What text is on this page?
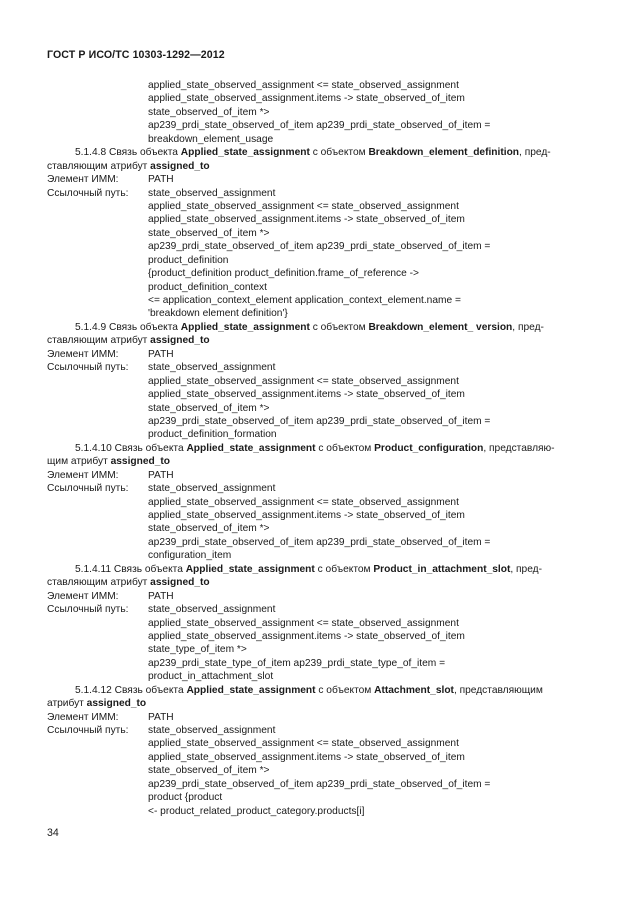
ГОСТ Р ИСО/ТС 10303-1292—2012
applied_state_observed_assignment <= state_observed_assignment
applied_state_observed_assignment.items -> state_observed_of_item
state_observed_of_item *>
ap239_prdi_state_observed_of_item ap239_prdi_state_observed_of_item =
breakdown_element_usage
5.1.4.8 Связь объекта Applied_state_assignment с объектом Breakdown_element_definition, пред-
ставляющим атрибут assigned_to
Элемент ИММ:	PATH
Ссылочный путь:	state_observed_assignment
applied_state_observed_assignment <= state_observed_assignment
applied_state_observed_assignment.items -> state_observed_of_item
state_observed_of_item *>
ap239_prdi_state_observed_of_item ap239_prdi_state_observed_of_item =
product_definition
{product_definition product_definition.frame_of_reference ->
product_definition_context
<= application_context_element application_context_element.name =
'breakdown element definition'}
5.1.4.9 Связь объекта Applied_state_assignment с объектом Breakdown_element_ version, пред-
ставляющим атрибут assigned_to
Элемент ИММ:	PATH
Ссылочный путь:	state_observed_assignment
applied_state_observed_assignment <= state_observed_assignment
applied_state_observed_assignment.items -> state_observed_of_item
state_observed_of_item *>
ap239_prdi_state_observed_of_item ap239_prdi_state_observed_of_item =
product_definition_formation
5.1.4.10 Связь объекта Applied_state_assignment с объектом Product_configuration, представляю-
щим атрибут assigned_to
Элемент ИММ:	PATH
Ссылочный путь:	state_observed_assignment
applied_state_observed_assignment <= state_observed_assignment
applied_state_observed_assignment.items -> state_observed_of_item
state_observed_of_item *>
ap239_prdi_state_observed_of_item ap239_prdi_state_observed_of_item =
configuration_item
5.1.4.11 Связь объекта Applied_state_assignment с объектом Product_in_attachment_slot, пред-
ставляющим атрибут assigned_to
Элемент ИММ:	PATH
Ссылочный путь:	state_observed_assignment
applied_state_observed_assignment <= state_observed_assignment
applied_state_observed_assignment.items -> state_observed_of_item
state_type_of_item *>
ap239_prdi_state_type_of_item ap239_prdi_state_type_of_item =
product_in_attachment_slot
5.1.4.12 Связь объекта Applied_state_assignment с объектом Attachment_slot, представляющим
атрибут assigned_to
Элемент ИММ:	PATH
Ссылочный путь:	state_observed_assignment
applied_state_observed_assignment <= state_observed_assignment
applied_state_observed_assignment.items -> state_observed_of_item
state_observed_of_item *>
ap239_prdi_state_observed_of_item ap239_prdi_state_observed_of_item =
product {product
<- product_related_product_category.products[i]
34
